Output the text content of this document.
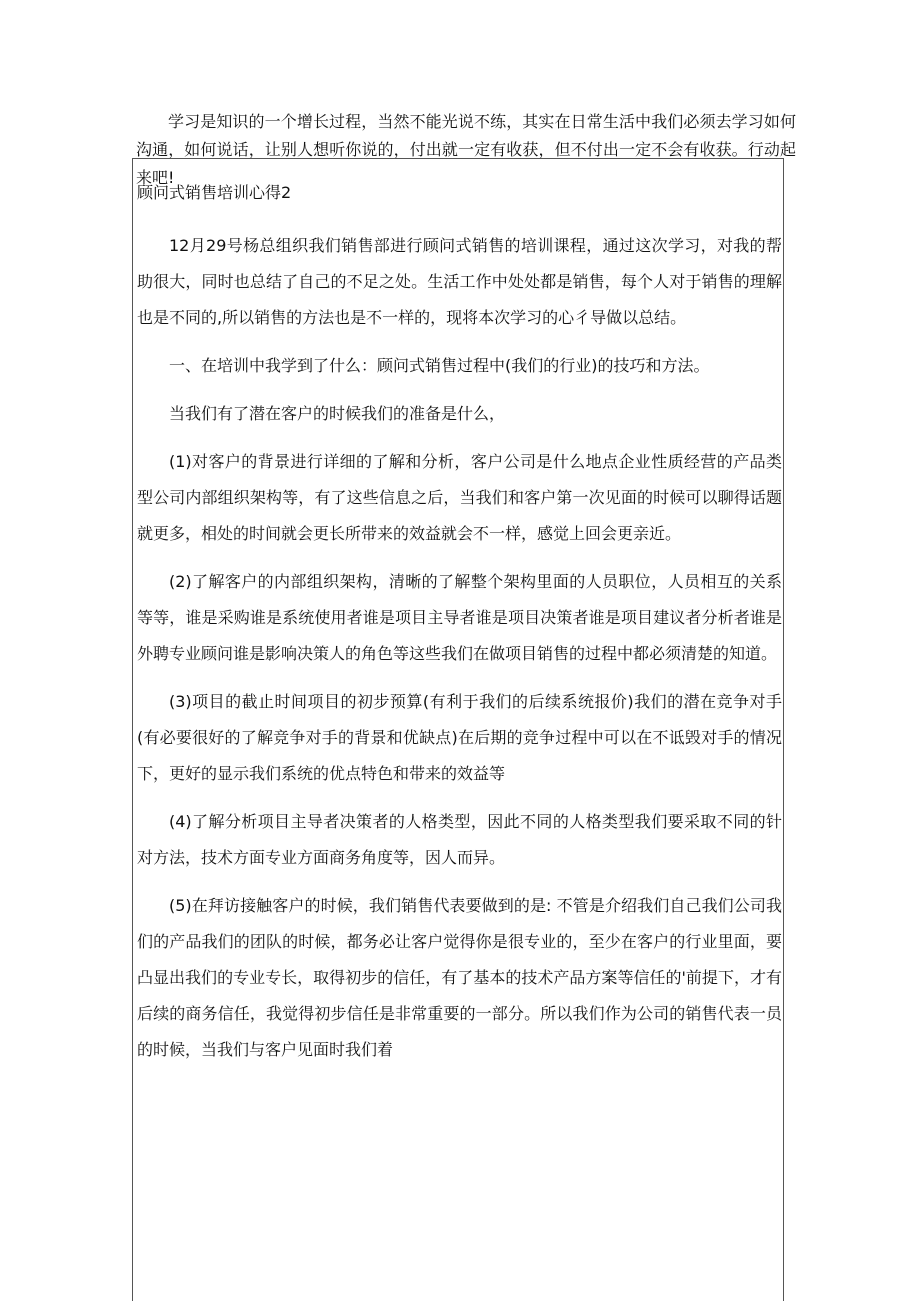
学习是知识的一个增长过程，当然不能光说不练，其实在日常生活中我们必须去学习如何沟通，如何说话，让别人想听你说的，付出就一定有收获，但不付出一定不会有收获。行动起来吧!
顾问式销售培训心得2

12月29号杨总组织我们销售部进行顾问式销售的培训课程，通过这次学习，对我的帮助很大，同时也总结了自己的不足之处。生活工作中处处都是销售，每个人对于销售的理解也是不同的,所以销售的方法也是不一样的，现将本次学习的心彳导做以总结。

一、在培训中我学到了什么：顾问式销售过程中(我们的行业)的技巧和方法。

当我们有了潜在客户的时候我们的准备是什么，

(1)对客户的背景进行详细的了解和分析，客户公司是什么地点企业性质经营的产品类型公司内部组织架构等，有了这些信息之后，当我们和客户第一次见面的时候可以聊得话题就更多，相处的时间就会更长所带来的效益就会不一样，感觉上回会更亲近。

(2)了解客户的内部组织架构，清晰的了解整个架构里面的人员职位，人员相互的关系等等，谁是采购谁是系统使用者谁是项目主导者谁是项目决策者谁是项目建议者分析者谁是外聘专业顾问谁是影响决策人的角色等这些我们在做项目销售的过程中都必须清楚的知道。

(3)项目的截止时间项目的初步预算(有利于我们的后续系统报价)我们的潜在竞争对手(有必要很好的了解竞争对手的背景和优缺点)在后期的竞争过程中可以在不诋毁对手的情况下，更好的显示我们系统的优点特色和带来的效益等

(4)了解分析项目主导者决策者的人格类型，因此不同的人格类型我们要采取不同的针对方法，技术方面专业方面商务角度等，因人而异。

(5)在拜访接触客户的时候，我们销售代表要做到的是: 不管是介绍我们自己我们公司我们的产品我们的团队的时候，都务必让客户觉得你是很专业的，至少在客户的行业里面，要凸显出我们的专业专长，取得初步的信任，有了基本的技术产品方案等信任的'前提下，才有后续的商务信任，我觉得初步信任是非常重要的一部分。所以我们作为公司的销售代表一员的时候，当我们与客户见面时我们着
